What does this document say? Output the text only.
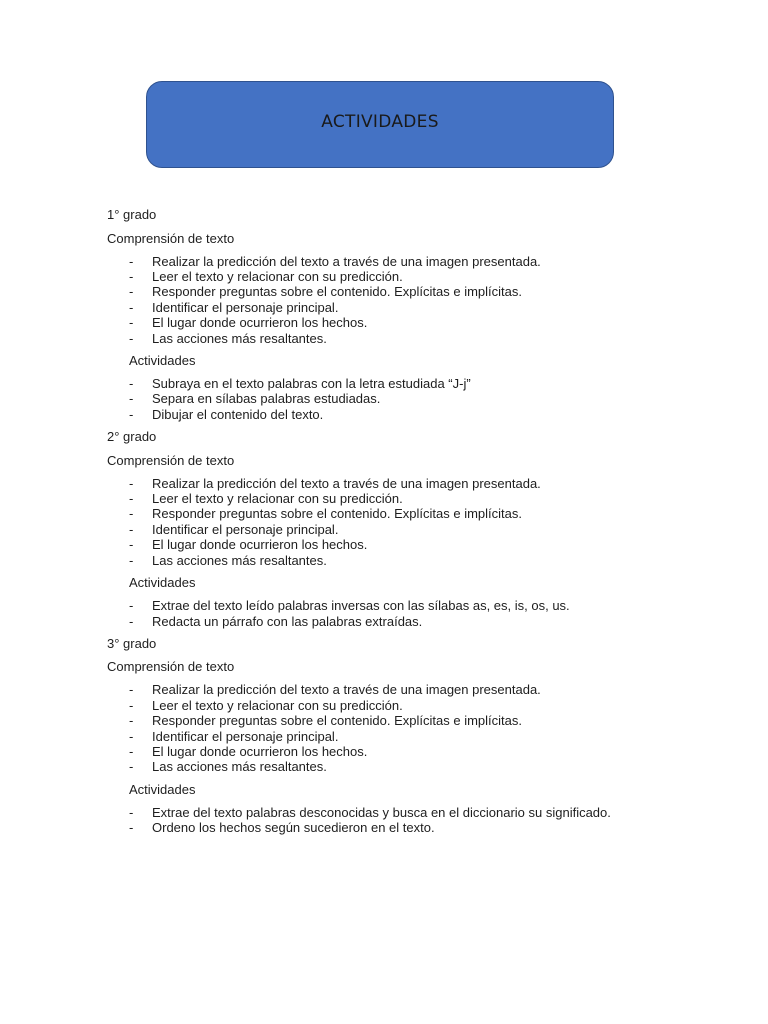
ACTIVIDADES

1° grado

Comprensión de texto

- Realizar la predicción del texto a través de una imagen presentada.
- Leer el texto y relacionar con su predicción.
- Responder preguntas sobre el contenido. Explícitas e implícitas.
- Identificar el personaje principal.
- El lugar donde ocurrieron los hechos.
- Las acciones más resaltantes.

Actividades

- Subraya en el texto palabras con la letra estudiada “J-j”
- Separa en sílabas palabras estudiadas.
- Dibujar el contenido del texto.

2° grado

Comprensión de texto

- Realizar la predicción del texto a través de una imagen presentada.
- Leer el texto y relacionar con su predicción.
- Responder preguntas sobre el contenido. Explícitas e implícitas.
- Identificar el personaje principal.
- El lugar donde ocurrieron los hechos.
- Las acciones más resaltantes.

Actividades

- Extrae del texto leído palabras inversas con las sílabas as, es, is, os, us.
- Redacta un párrafo con las palabras extraídas.

3° grado

Comprensión de texto

- Realizar la predicción del texto a través de una imagen presentada.
- Leer el texto y relacionar con su predicción.
- Responder preguntas sobre el contenido. Explícitas e implícitas.
- Identificar el personaje principal.
- El lugar donde ocurrieron los hechos.
- Las acciones más resaltantes.

Actividades

- Extrae del texto palabras desconocidas y busca en el diccionario su significado.
- Ordeno los hechos según sucedieron en el texto.
